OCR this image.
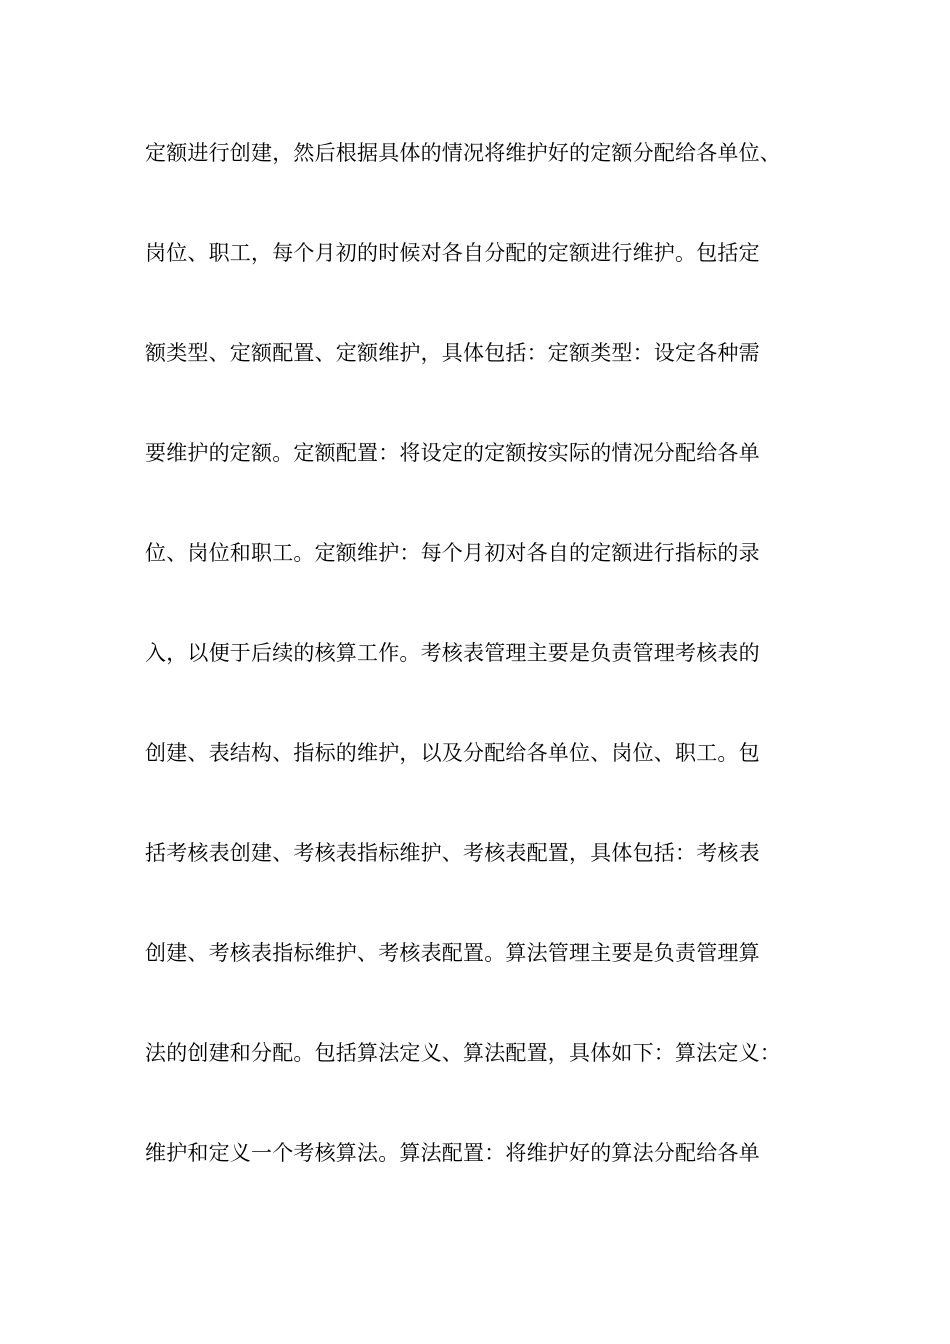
定额进行创建，然后根据具体的情况将维护好的定额分配给各单位、
岗位、职工，每个月初的时候对各自分配的定额进行维护。包括定
额类型、定额配置、定额维护，具体包括：定额类型：设定各种需
要维护的定额。定额配置：将设定的定额按实际的情况分配给各单
位、岗位和职工。定额维护：每个月初对各自的定额进行指标的录
入，以便于后续的核算工作。考核表管理主要是负责管理考核表的
创建、表结构、指标的维护，以及分配给各单位、岗位、职工。包
括考核表创建、考核表指标维护、考核表配置，具体包括：考核表
创建、考核表指标维护、考核表配置。算法管理主要是负责管理算
法的创建和分配。包括算法定义、算法配置，具体如下：算法定义：
维护和定义一个考核算法。算法配置：将维护好的算法分配给各单
